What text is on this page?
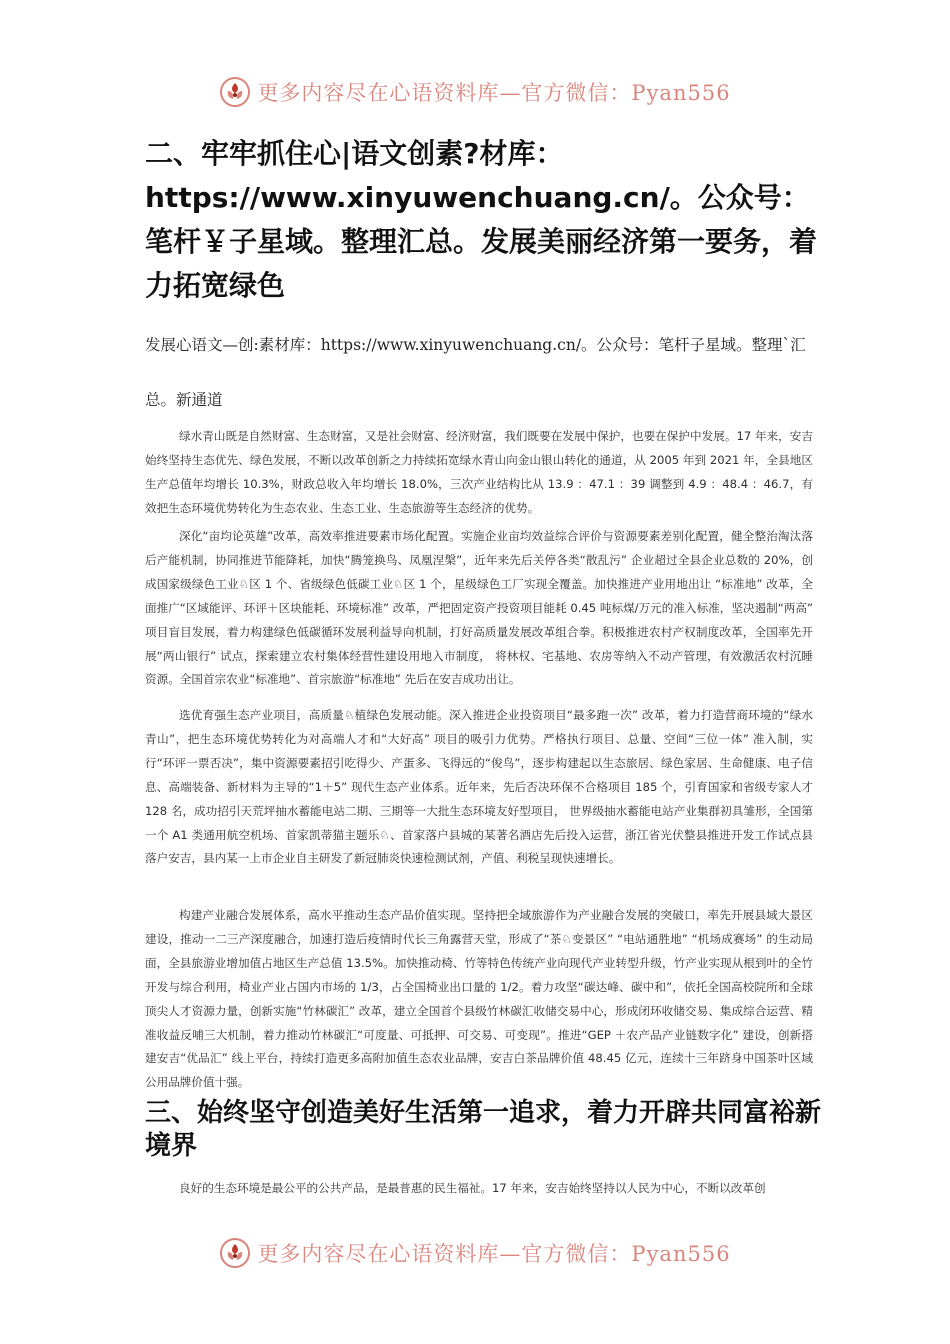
更多内容尽在心语资料库—官方微信：Pyan556
二、牢牢抓住心|语文创素?材库：https://www.xinyuwenchuang.cn/。公众号：笔杆￥子星域。整理汇总。发展美丽经济第一要务，着力拓宽绿色

发展心语文—创:素材库：https://www.xinyuwenchuang.cn/。公众号：笔杆子星域。整理`汇总。新通道

绿水青山既是自然财富、生态财富，又是社会财富、经济财富，我们既要在发展中保护，也要在保护中发展。17 年来，安吉始终坚持生态优先、绿色发展，不断以改革创新之力持续拓宽绿水青山向金山银山转化的通道，从 2005 年到 2021 年，全县地区生产总值年均增长 10.3%，财政总收入年均增长 18.0%，三次产业结构比从 13.9 ：47.1 ：39 调整到 4.9 ：48.4 ：46.7，有效把生态环境优势转化为生态农业、生态工业、生态旅游等生态经济的优势。

深化“亩均论英雄”改革，高效率推进要素市场化配置。实施企业亩均效益综合评价与资源要素差别化配置，健全整治淘汰落后产能机制，协同推进节能降耗，加快“腾笼换鸟、凤凰涅槃”，近年来先后关停各类“散乱污” 企业超过全县企业总数的 20%，创成国家级绿色工业♘区 1 个、省级绿色低碳工业♘区 1 个，星级绿色工厂实现全覆盖。加快推进产业用地出让 “标准地” 改革，全面推广“区域能评、环评＋区块能耗、环境标准” 改革，严把固定资产投资项目能耗 0.45 吨标煤/万元的准入标准，坚决遏制“两高” 项目盲目发展，着力构建绿色低碳循环发展利益导向机制，打好高质量发展改革组合拳。积极推进农村产权制度改革，全国率先开展“两山银行” 试点，探索建立农村集体经营性建设用地入市制度， 将林权、宅基地、农房等纳入不动产管理，有效激活农村沉睡资源。全国首宗农业“标准地”、首宗旅游“标准地” 先后在安吉成功出让。

选优育强生态产业项目，高质量♘植绿色发展动能。深入推进企业投资项目“最多跑一次” 改革，着力打造营商环境的“绿水青山”，把生态环境优势转化为对高端人才和“大好高” 项目的吸引力优势。严格执行项目、总量、空间“三位一体” 准入制，实行“环评一票否决”，集中资源要素招引吃得少、产蛋多、飞得远的“俊鸟”，逐步构建起以生态旅居、绿色家居、生命健康、电子信息、高端装备、新材料为主导的“1＋5” 现代生态产业体系。近年来，先后否决环保不合格项目 185 个，引育国家和省级专家人才 128 名，成功招引天荒坪抽水蓄能电站二期、三期等一大批生态环境友好型项目， 世界级抽水蓄能电站产业集群初具雏形，全国第一个 A1 类通用航空机场、首家凯蒂猫主题乐♘、首家落户县城的某著名酒店先后投入运营，浙江省光伏整县推进开发工作试点县落户安吉，县内某一上市企业自主研发了新冠肺炎快速检测试剂，产值、利税呈现快速增长。

构建产业融合发展体系，高水平推动生态产品价值实现。坚持把全域旅游作为产业融合发展的突破口，率先开展县域大景区建设，推动一二三产深度融合，加速打造后疫情时代长三角露营天堂，形成了“茶♘变景区” “电站通胜地” “机场成赛场” 的生动局面，全县旅游业增加值占地区生产总值 13.5%。加快推动椅、竹等特色传统产业向现代产业转型升级，竹产业实现从根到叶的全竹开发与综合利用，椅业产业占国内市场的 1/3，占全国椅业出口量的 1/2。着力攻坚“碳达峰、碳中和”，依托全国高校院所和全球顶尖人才资源力量，创新实施“竹林碳汇” 改革，建立全国首个县级竹林碳汇收储交易中心，形成闭环收储交易、集成综合运营、精准收益反哺三大机制，着力推动竹林碳汇“可度量、可抵押、可交易、可变现”。推进“GEP ＋农产品产业链数字化” 建设，创新搭建安吉“优品汇” 线上平台，持续打造更多高附加值生态农业品牌，安吉白茶品牌价值 48.45 亿元，连续十三年跻身中国茶叶区域公用品牌价值十强。

三、始终坚守创造美好生活第一追求，着力开辟共同富裕新境界

良好的生态环境是最公平的公共产品，是最普惠的民生福祉。17 年来，安吉始终坚持以人民为中心，不断以改革创

更多内容尽在心语资料库—官方微信：Pyan556
